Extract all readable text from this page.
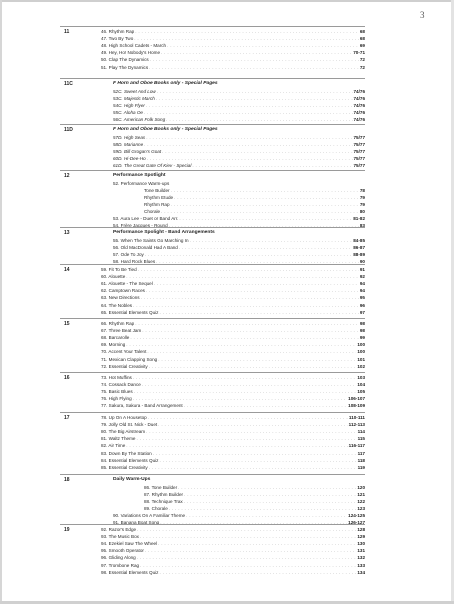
3
11	46. Rhythm Rap . . .	68
47. Two By Two . . .	68
48. High School Cadets - March . . .	69
49. Hey, Ho! Nobody's Home . . .	70-71
50. Clap The Dynamics . . .	72
51. Play The Dynamics . . .	72
11C	F Horn and Oboe Books only - Special Pages
52C. Sweet And Low . . .	74/76
53C. Majestic March . . .	74/76
54C. High Flyer . . .	74/76
55C. Aloha Oe . . .	74/76
56C. American Folk Song . . .	74/76
11D	F Horn and Oboe Books only - Special Pages
57D. High Seas . . .	75/77
58D. Marianne . . .	75/77
59D. Bill Grogan's Goat . . .	75/77
60D. Hi-Dee-Ho . . .	75/77
61D. The Great Gate Of Kiev - Special . . .	75/77
12	Performance Spotlight
52. Performance Warm-ups
Tone Builder . . .	78
Rhythm Etude . . .	79
Rhythm Rap . . .	79
Chorale . . .	80
53. Aura Lee - Duet or Band Arr. . . .	81-82
54. Frère Jacques - Round . . .	83
13	Performance Spolight - Band Arrangements
55. When The Saints Go Marching In . . .	84-85
56. Old MacDonald Had A Band . . .	86-87
57. Ode To Joy . . .	88-89
58. Hard Rock Blues . . .	90
14	59. Fit To Be Tied . . .	91
60. Alouette . . .	92
61. Alouette - The Sequel . . .	94
62. Camptown Races . . .	94
63. New Directions . . .	95
64. The Nobles . . .	96
65. Essential Elements Quiz . . .	97
15	66. Rhythm Rap . . .	98
67. Three Beat Jam . . .	98
68. Barcarolle . . .	99
69. Morning . . .	100
70. Accent Your Talent . . .	100
71. Mexican Clapping Song . . .	101
72. Essential Creativity . . .	102
16	73. Hot Muffins . . .	103
74. Cossack Dance . . .	104
75. Basic Blues . . .	105
76. High Flying . . .	106-107
77. Sakura, Sakura - Band Arrangement . . .	108-109
17	78. Up On A Housetop . . .	110-111
79. Jolly Old St. Nick - Duet . . .	112-113
80. The Big Airstream . . .	114
81. Waltz Theme . . .	115
82. Air Time . . .	116-117
83. Down By The Station . . .	117
84. Essential Elements Quiz . . .	118
85. Essential Creativity . . .	119
18	Daily Warm-Ups
86. Tone Builder . . .	120
87. Rhythm Builder . . .	121
88. Technique Trax . . .	122
89. Chorale . . .	123
90. Variations On A Familiar Theme . . .	124-125
91. Banana Boat Song . . .	126-127
19	92. Razor's Edge . . .	128
93. The Music Box . . .	129
94. Ezekiel Saw The Wheel . . .	130
95. Smooth Operator . . .	131
96. Gliding Along . . .	132
97. Trombone Rag . . .	133
98. Essential Elements Quiz . . .	134
